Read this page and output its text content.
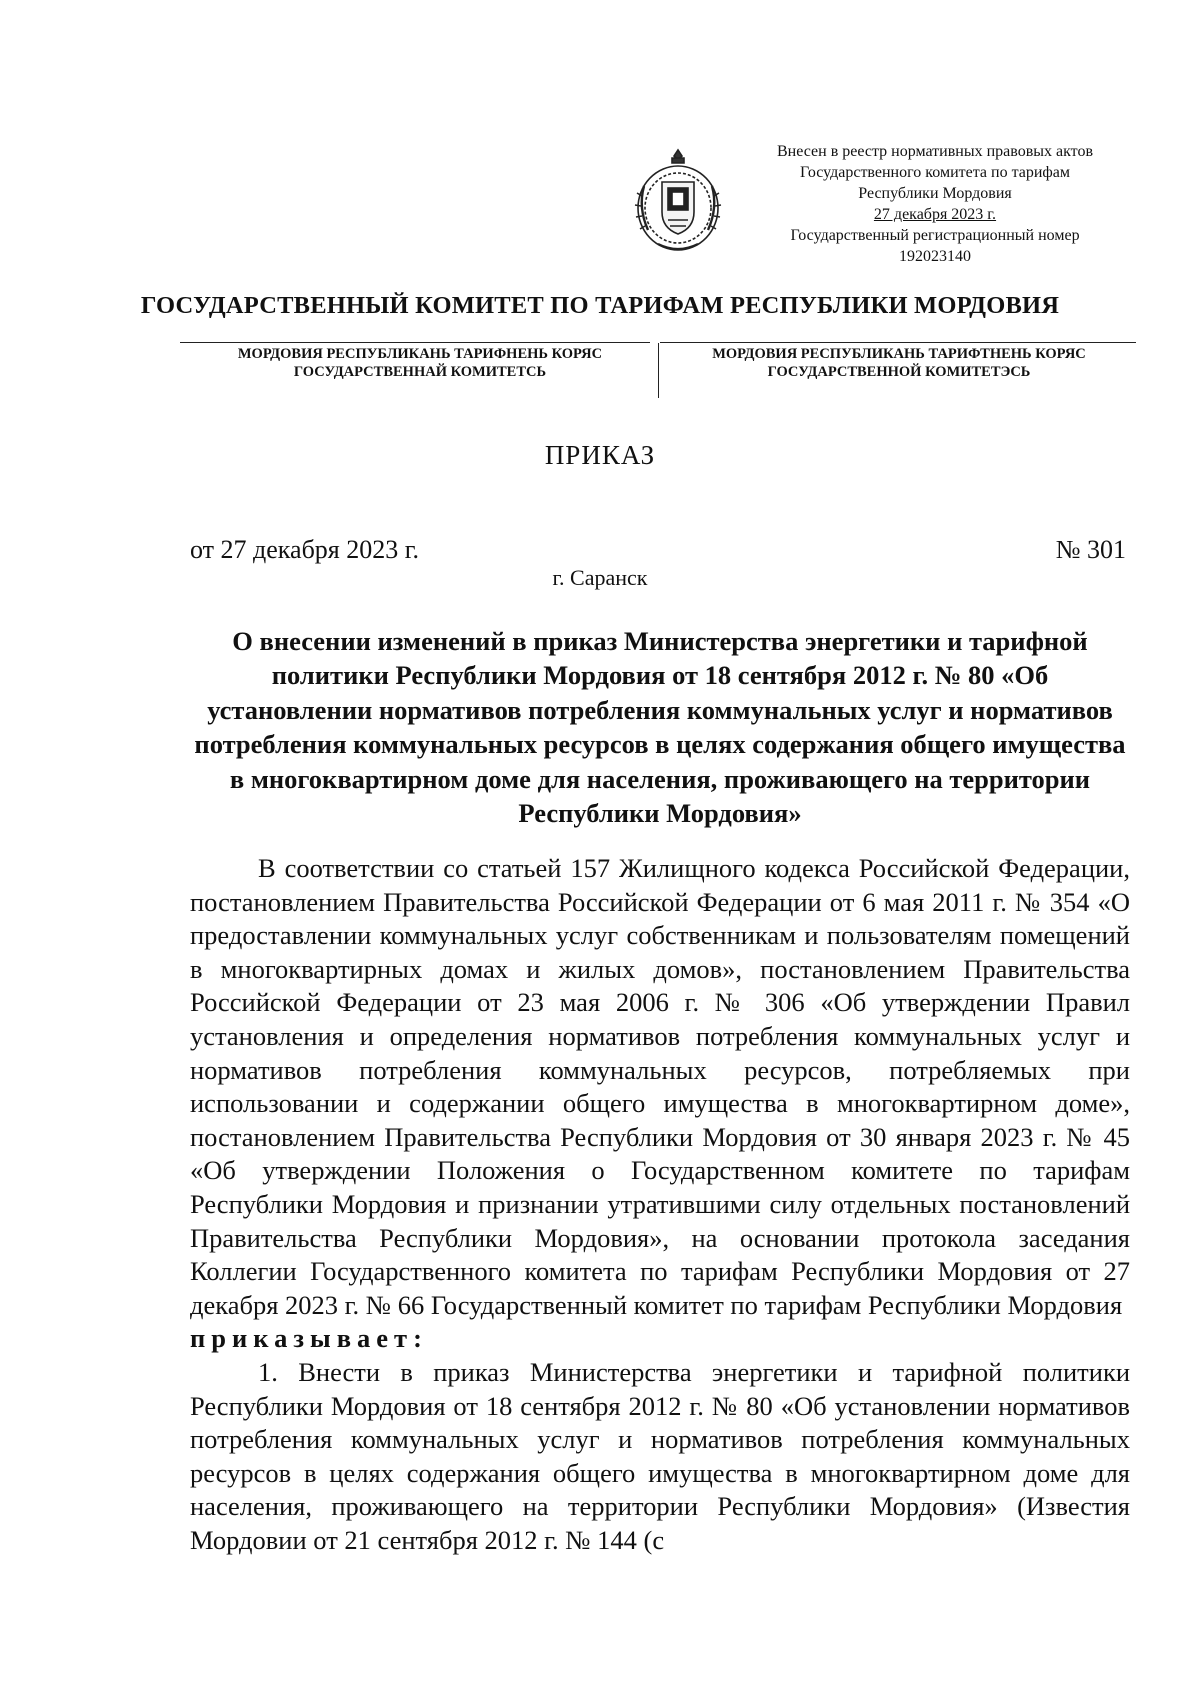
Внесен в реестр нормативных правовых актов
Государственного комитета по тарифам
Республики Мордовия
27 декабря 2023 г.
Государственный регистрационный номер
192023140
ГОСУДАРСТВЕННЫЙ КОМИТЕТ ПО ТАРИФАМ РЕСПУБЛИКИ МОРДОВИЯ
МОРДОВИЯ РЕСПУБЛИКАНЬ ТАРИФНЕНЬ КОРЯС
ГОСУДАРСТВЕННАЙ КОМИТЕТСЬ
МОРДОВИЯ РЕСПУБЛИКАНЬ ТАРИФТНЕНЬ КОРЯС
ГОСУДАРСТВЕННОЙ КОМИТЕТЭСЬ
ПРИКАЗ
от 27 декабря 2023 г.	№ 301
г. Саранск
О внесении изменений в приказ Министерства энергетики и тарифной политики Республики Мордовия от 18 сентября 2012 г. № 80 «Об установлении нормативов потребления коммунальных услуг и нормативов потребления коммунальных ресурсов в целях содержания общего имущества в многоквартирном доме для населения, проживающего на территории Республики Мордовия»

В соответствии со статьей 157 Жилищного кодекса Российской Федерации, постановлением Правительства Российской Федерации от 6 мая 2011 г. № 354 «О предоставлении коммунальных услуг собственникам и пользователям помещений в многоквартирных домах и жилых домов», постановлением Правительства Российской Федерации от 23 мая 2006 г. № 306 «Об утверждении Правил установления и определения нормативов потребления коммунальных услуг и нормативов потребления коммунальных ресурсов, потребляемых при использовании и содержании общего имущества в многоквартирном доме», постановлением Правительства Республики Мордовия от 30 января 2023 г. № 45 «Об утверждении Положения о Государственном комитете по тарифам Республики Мордовия и признании утратившими силу отдельных постановлений Правительства Республики Мордовия», на основании протокола заседания Коллегии Государственного комитета по тарифам Республики Мордовия от 27 декабря 2023 г. № 66 Государственный комитет по тарифам Республики Мордовия

приказывает:

1. Внести в приказ Министерства энергетики и тарифной политики Республики Мордовия от 18 сентября 2012 г. № 80 «Об установлении нормативов потребления коммунальных услуг и нормативов потребления коммунальных ресурсов в целях содержания общего имущества в многоквартирном доме для населения, проживающего на территории Республики Мордовия» (Известия Мордовии от 21 сентября 2012 г. № 144 (с
